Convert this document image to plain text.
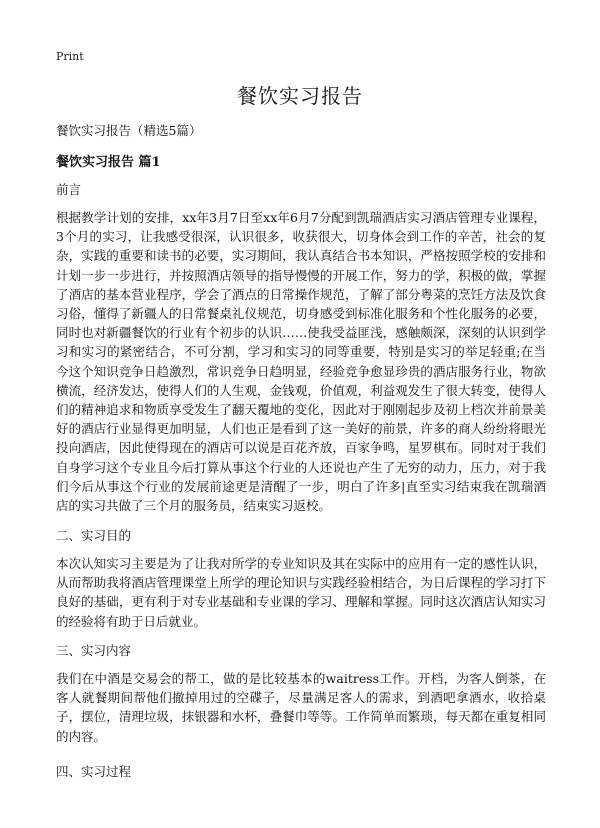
Print
餐饮实习报告
餐饮实习报告（精选5篇）
餐饮实习报告 篇1
前言

根据教学计划的安排，xx年3月7日至xx年6月7分配到凯瑞酒店实习酒店管理专业课程，3个月的实习，让我感受很深，认识很多，收获很大，切身体会到工作的辛苦，社会的复杂，实践的重要和读书的必要，实习期间，我认真结合书本知识，严格按照学校的安排和计划一步一步进行，并按照酒店领导的指导慢慢的开展工作，努力的学，积极的做，掌握了酒店的基本营业程序，学会了酒点的日常操作规范，了解了部分粤菜的烹饪方法及饮食习俗，懂得了新疆人的日常餐桌礼仪规范，切身感受到标准化服务和个性化服务的必要，同时也对新疆餐饮的行业有个初步的认识……使我受益匪浅，感触颇深，深刻的认识到学习和实习的紧密结合，不可分割，学习和实习的同等重要，特别是实习的举足轻重;在当今这个知识竞争日趋激烈，常识竞争日趋明显，经验竞争愈显珍贵的酒店服务行业，物欲横流，经济发达，使得人们的人生观，金钱观，价值观，利益观发生了很大转变，使得人们的精神追求和物质享受发生了翻天覆地的变化，因此对于刚刚起步及初上档次并前景美好的酒店行业显得更加明显，人们也正是看到了这一美好的前景，许多的商人纷纷将眼光投向酒店，因此使得现在的酒店可以说是百花齐放，百家争鸣，星罗棋布。同时对于我们自身学习这个专业且今后打算从事这个行业的人还说也产生了无穷的动力，压力，对于我们今后从事这个行业的发展前途更是清醒了一步，明白了许多|直至实习结束我在凯瑞酒店的实习共做了三个月的服务员，结束实习返校。

二、实习目的

本次认知实习主要是为了让我对所学的专业知识及其在实际中的应用有一定的感性认识，从而帮助我将酒店管理课堂上所学的理论知识与实践经验相结合，为日后课程的学习打下良好的基础，更有利于对专业基础和专业课的学习、理解和掌握。同时这次酒店认知实习的经验将有助于日后就业。

三、实习内容

我们在中酒是交易会的帮工，做的是比较基本的waitress工作。开档，为客人倒茶，在客人就餐期间帮他们撤掉用过的空碟子，尽量满足客人的需求，到酒吧拿酒水，收拾桌子，摆位，清理垃圾，抹银器和水杯，叠餐巾等等。工作简单而繁琐，每天都在重复相同的内容。

四、实习过程
